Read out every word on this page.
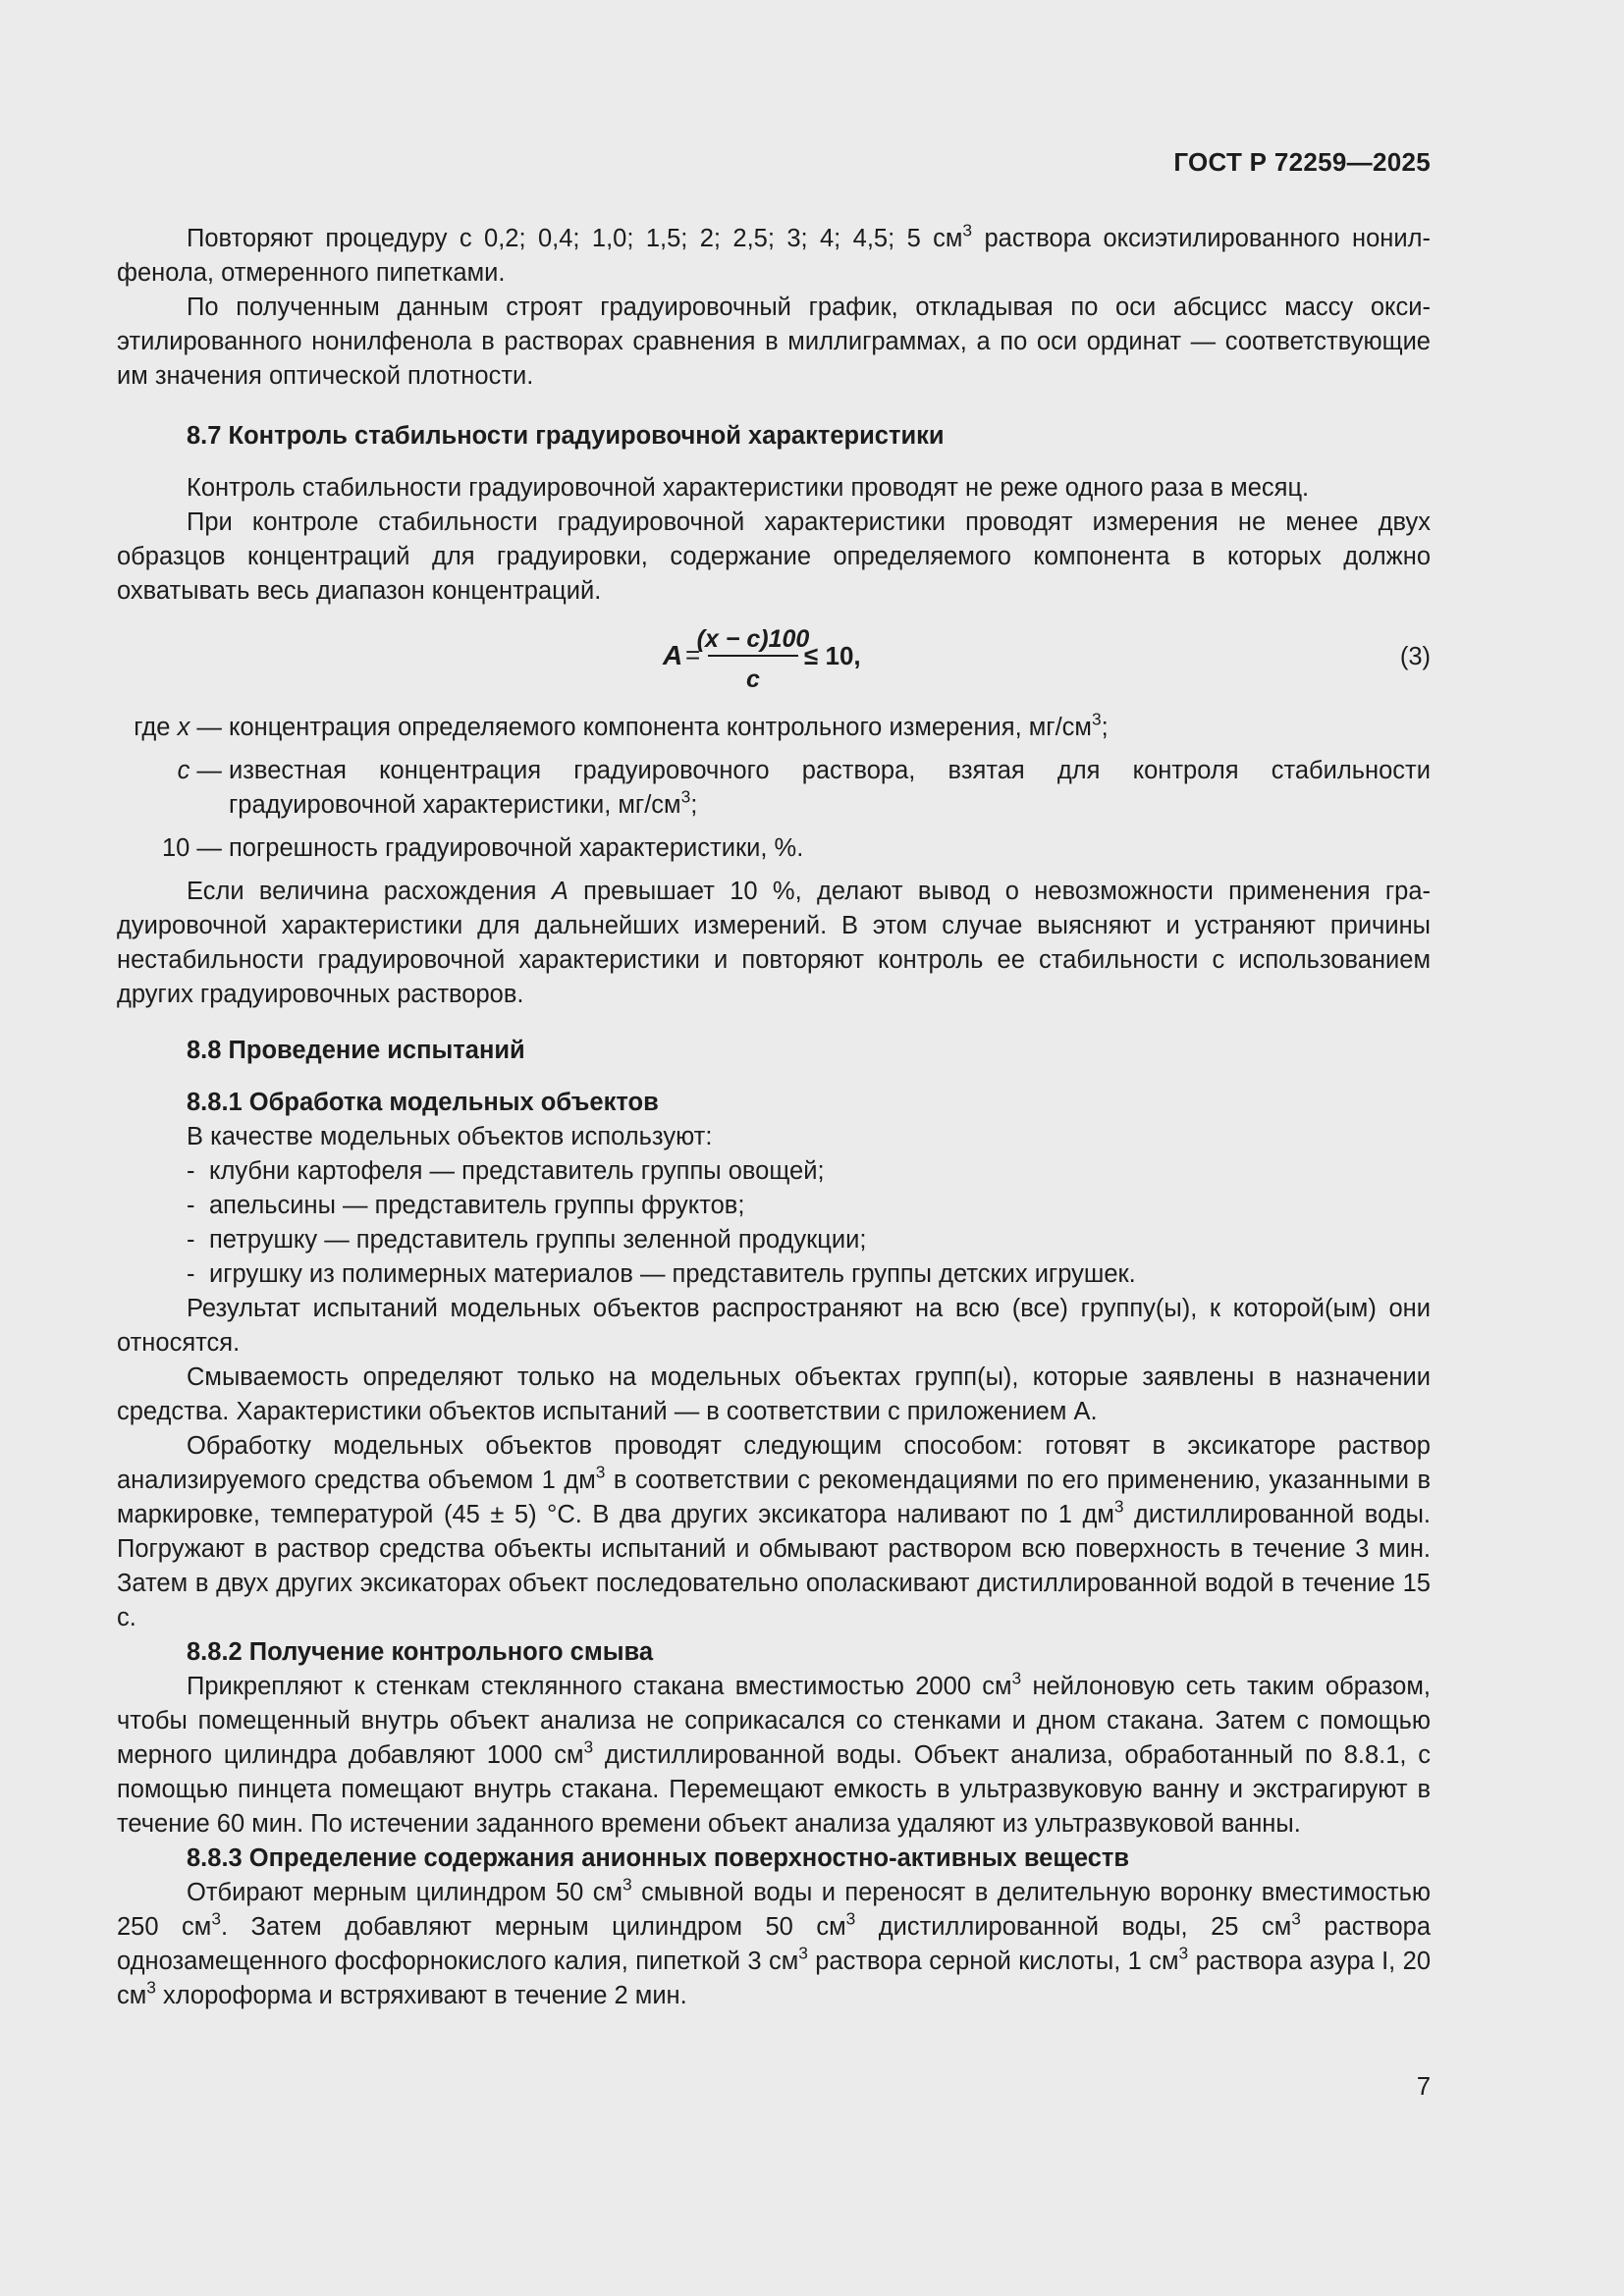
ГОСТ Р 72259—2025

Повторяют процедуру с 0,2; 0,4; 1,0; 1,5; 2; 2,5; 3; 4; 4,5; 5 $см^3$ раствора оксиэтилированного нонилфенола, отмеренного пипетками.

По полученным данным строят градуировочный график, откладывая по оси абсцисс массу оксиэтилированного нонилфенола в растворах сравнения в миллиграммах, а по оси ординат — соответствующие им значения оптической плотности.

8.7 Контроль стабильности градуировочной характеристики

Контроль стабильности градуировочной характеристики проводят не реже одного раза в месяц.

При контроле стабильности градуировочной характеристики проводят измерения не менее двух образцов концентраций для градуировки, содержание определяемого компонента в которых должно охватывать весь диапазон концентраций.

A =
(x − c)100
c
≤ 10,	(3)
где x — концентрация определяемого компонента контрольного измерения, $мг/см^3$;
c — известная концентрация градуировочного раствора, взятая для контроля стабильности градуировочной характеристики, $мг/см^3$;
10 — погрешность градуировочной характеристики, %.

Если величина расхождения A превышает 10 %, делают вывод о невозможности применения градуировочной характеристики для дальнейших измерений. В этом случае выясняют и устраняют причины нестабильности градуировочной характеристики и повторяют контроль ее стабильности с использованием других градуировочных растворов.

8.8 Проведение испытаний
8.8.1 Обработка модельных объектов

В качестве модельных объектов используют:

- клубни картофеля — представитель группы овощей;
- апельсины — представитель группы фруктов;
- петрушку — представитель группы зеленной продукции;
- игрушку из полимерных материалов — представитель группы детских игрушек.

Результат испытаний модельных объектов распространяют на всю (все) группу(ы), к которой(ым) они относятся.

Смываемость определяют только на модельных объектах групп(ы), которые заявлены в назначении средства. Характеристики объектов испытаний — в соответствии с приложением А.

Обработку модельных объектов проводят следующим способом: готовят в эксикаторе раствор анализируемого средства объемом 1 $дм^3$ в соответствии с рекомендациями по его применению, указанными в маркировке, температурой (45 ± 5) °С. В два других эксикатора наливают по 1 $дм^3$ дистиллированной воды. Погружают в раствор средства объекты испытаний и обмывают раствором всю поверхность в течение 3 мин. Затем в двух других эксикаторах объект последовательно ополаскивают дистиллированной водой в течение 15 с.

8.8.2 Получение контрольного смыва

Прикрепляют к стенкам стеклянного стакана вместимостью 2000 $см^3$ нейлоновую сеть таким образом, чтобы помещенный внутрь объект анализа не соприкасался со стенками и дном стакана. Затем с помощью мерного цилиндра добавляют 1000 $см^3$ дистиллированной воды. Объект анализа, обработанный по 8.8.1, с помощью пинцета помещают внутрь стакана. Перемещают емкость в ультразвуковую ванну и экстрагируют в течение 60 мин. По истечении заданного времени объект анализа удаляют из ультразвуковой ванны.

8.8.3 Определение содержания анионных поверхностно-активных веществ

Отбирают мерным цилиндром 50 $см^3$ смывной воды и переносят в делительную воронку вместимостью 250 $см^3$. Затем добавляют мерным цилиндром 50 $см^3$ дистиллированной воды, 25 $см^3$ раствора однозамещенного фосфорнокислого калия, пипеткой 3 $см^3$ раствора серной кислоты, 1 $см^3$ раствора азура I, 20 $см^3$ хлороформа и встряхивают в течение 2 мин.

7
